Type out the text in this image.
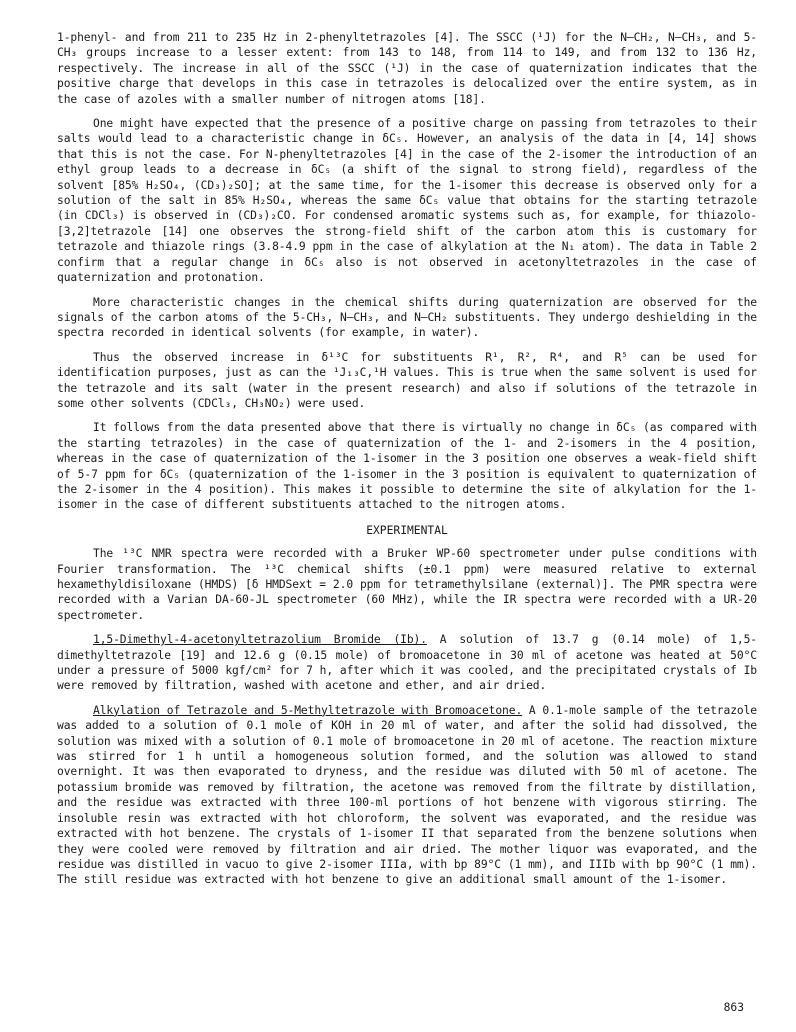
1-phenyl- and from 211 to 235 Hz in 2-phenyltetrazoles [4]. The SSCC (¹J) for the N–CH₂, N–CH₃, and 5-CH₃ groups increase to a lesser extent: from 143 to 148, from 114 to 149, and from 132 to 136 Hz, respectively. The increase in all of the SSCC (¹J) in the case of quaternization indicates that the positive charge that develops in this case in tetrazoles is delocalized over the entire system, as in the case of azoles with a smaller number of nitrogen atoms [18].

One might have expected that the presence of a positive charge on passing from tetrazoles to their salts would lead to a characteristic change in δC₅. However, an analysis of the data in [4, 14] shows that this is not the case. For N-phenyltetrazoles [4] in the case of the 2-isomer the introduction of an ethyl group leads to a decrease in δC₅ (a shift of the signal to strong field), regardless of the solvent [85% H₂SO₄, (CD₃)₂SO]; at the same time, for the 1-isomer this decrease is observed only for a solution of the salt in 85% H₂SO₄, whereas the same δC₅ value that obtains for the starting tetrazole (in CDCl₃) is observed in (CD₃)₂CO. For condensed aromatic systems such as, for example, for thiazolo-[3,2]tetrazole [14] one observes the strong-field shift of the carbon atom this is customary for tetrazole and thiazole rings (3.8-4.9 ppm in the case of alkylation at the N₁ atom). The data in Table 2 confirm that a regular change in δC₅ also is not observed in acetonyltetrazoles in the case of quaternization and protonation.

More characteristic changes in the chemical shifts during quaternization are observed for the signals of the carbon atoms of the 5-CH₃, N–CH₃, and N–CH₂ substituents. They undergo deshielding in the spectra recorded in identical solvents (for example, in water).

Thus the observed increase in δ¹³C for substituents R¹, R², R⁴, and R⁵ can be used for identification purposes, just as can the ¹J₁₃C,¹H values. This is true when the same solvent is used for the tetrazole and its salt (water in the present research) and also if solutions of the tetrazole in some other solvents (CDCl₃, CH₃NO₂) were used.

It follows from the data presented above that there is virtually no change in δC₅ (as compared with the starting tetrazoles) in the case of quaternization of the 1- and 2-isomers in the 4 position, whereas in the case of quaternization of the 1-isomer in the 3 position one observes a weak-field shift of 5-7 ppm for δC₅ (quaternization of the 1-isomer in the 3 position is equivalent to quaternization of the 2-isomer in the 4 position). This makes it possible to determine the site of alkylation for the 1-isomer in the case of different substituents attached to the nitrogen atoms.

EXPERIMENTAL

The ¹³C NMR spectra were recorded with a Bruker WP-60 spectrometer under pulse conditions with Fourier transformation. The ¹³C chemical shifts (±0.1 ppm) were measured relative to external hexamethyldisiloxane (HMDS) [δ HMDSext = 2.0 ppm for tetramethylsilane (external)]. The PMR spectra were recorded with a Varian DA-60-JL spectrometer (60 MHz), while the IR spectra were recorded with a UR-20 spectrometer.

1,5-Dimethyl-4-acetonyltetrazolium Bromide (Ib). A solution of 13.7 g (0.14 mole) of 1,5-dimethyltetrazole [19] and 12.6 g (0.15 mole) of bromoacetone in 30 ml of acetone was heated at 50°C under a pressure of 5000 kgf/cm² for 7 h, after which it was cooled, and the precipitated crystals of Ib were removed by filtration, washed with acetone and ether, and air dried.

Alkylation of Tetrazole and 5-Methyltetrazole with Bromoacetone. A 0.1-mole sample of the tetrazole was added to a solution of 0.1 mole of KOH in 20 ml of water, and after the solid had dissolved, the solution was mixed with a solution of 0.1 mole of bromoacetone in 20 ml of acetone. The reaction mixture was stirred for 1 h until a homogeneous solution formed, and the solution was allowed to stand overnight. It was then evaporated to dryness, and the residue was diluted with 50 ml of acetone. The potassium bromide was removed by filtration, the acetone was removed from the filtrate by distillation, and the residue was extracted with three 100-ml portions of hot benzene with vigorous stirring. The insoluble resin was extracted with hot chloroform, the solvent was evaporated, and the residue was extracted with hot benzene. The crystals of 1-isomer II that separated from the benzene solutions when they were cooled were removed by filtration and air dried. The mother liquor was evaporated, and the residue was distilled in vacuo to give 2-isomer IIIa, with bp 89°C (1 mm), and IIIb with bp 90°C (1 mm). The still residue was extracted with hot benzene to give an additional small amount of the 1-isomer.

863
